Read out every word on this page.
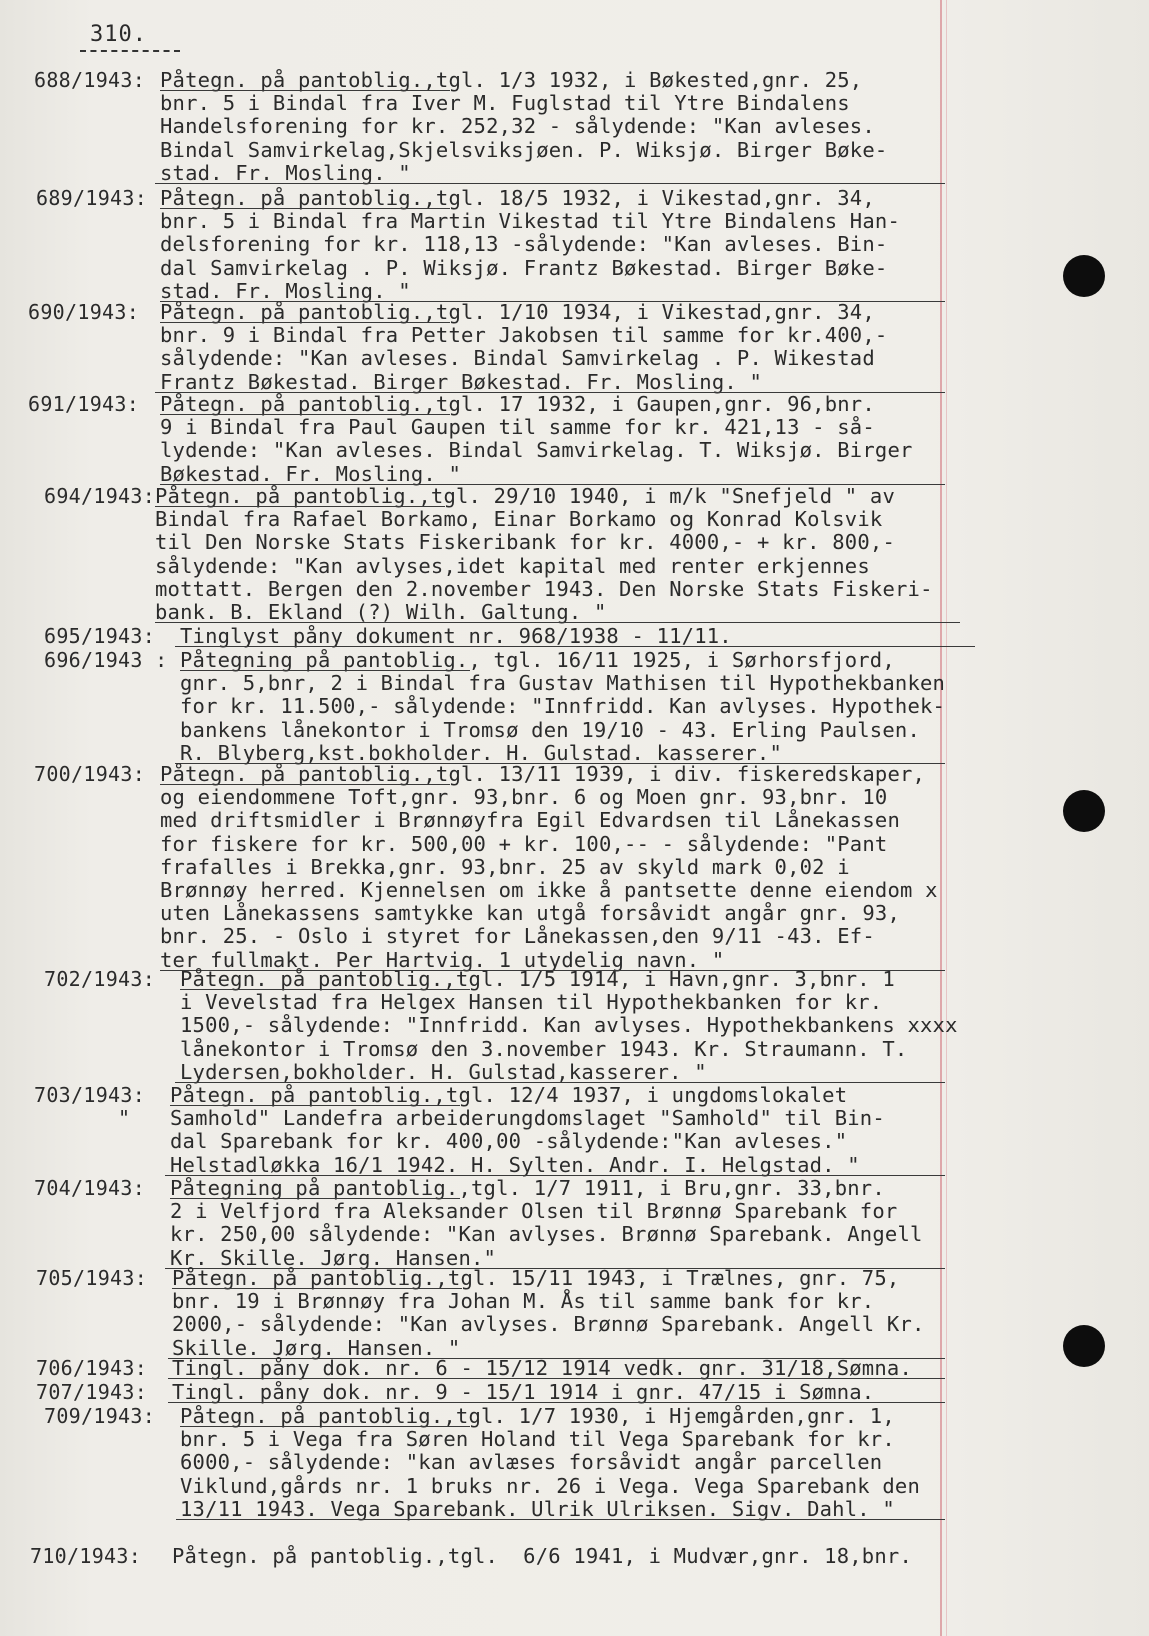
310.
688/1943: Påtegn. på pantoblig.,tgl. 1/3 1932, i Bøkested,gnr. 25,
bnr. 5 i Bindal fra Iver M. Fuglstad til Ytre Bindalens
Handelsforening for kr. 252,32 - sålydende: "Kan avleses.
Bindal Samvirkelag,Skjelsviksjøen. P. Wiksjø. Birger Bøke-
stad. Fr. Mosling. "
689/1943: Påtegn. på pantoblig.,tgl. 18/5 1932, i Vikestad,gnr. 34,
bnr. 5 i Bindal fra Martin Vikestad til Ytre Bindalens Han-
delsforening for kr. 118,13 -sålydende: "Kan avleses. Bin-
dal Samvirkelag . P. Wiksjø. Frantz Bøkestad. Birger Bøke-
stad. Fr. Mosling. "
690/1943: Påtegn. på pantoblig.,tgl. 1/10 1934, i Vikestad,gnr. 34,
bnr. 9 i Bindal fra Petter Jakobsen til samme for kr.400,-
sålydende: "Kan avleses. Bindal Samvirkelag . P. Wikestad
Frantz Bøkestad. Birger Bøkestad. Fr. Mosling. "
691/1943: Påtegn. på pantoblig.,tgl. 17 1932, i Gaupen,gnr. 96,bnr.
9 i Bindal fra Paul Gaupen til samme for kr. 421,13 - så-
lydende: "Kan avleses. Bindal Samvirkelag. T. Wiksjø. Birger
Bøkestad. Fr. Mosling. "
694/1943: Påtegn. på pantoblig.,tgl. 29/10 1940, i m/k "Snefjeld " av
Bindal fra Rafael Borkamo, Einar Borkamo og Konrad Kolsvik
til Den Norske Stats Fiskeribank for kr. 4000,- + kr. 800,-
sålydende: "Kan avlyses,idet kapital med renter erkjennes
mottatt. Bergen den 2.november 1943. Den Norske Stats Fiskeri-
bank. B. Ekland (?) Wilh. Galtung. "
695/1943: Tinglyst påny dokument nr. 968/1938 - 11/11.
696/1943 : Påtegning på pantoblig., tgl. 16/11 1925, i Sørhorsfjord,
gnr. 5,bnr, 2 i Bindal fra Gustav Mathisen til Hypothekbanken
for kr. 11.500,- sålydende: "Innfridd. Kan avlyses. Hypothek-
bankens lånekontor i Tromsø den 19/10 - 43. Erling Paulsen.
R. Blyberg,kst.bokholder. H. Gulstad. kasserer."
700/1943: Påtegn. på pantoblig.,tgl. 13/11 1939, i div. fiskeredskaper,
og eiendommene Toft,gnr. 93,bnr. 6 og Moen gnr. 93,bnr. 10
med driftsmidler i Brønnøyfra Egil Edvardsen til Lånekassen
for fiskere for kr. 500,00 + kr. 100,-- - sålydende: "Pant
frafalles i Brekka,gnr. 93,bnr. 25 av skyld mark 0,02 i
Brønnøy herred. Kjennelsen om ikke å pantsette denne eiendom x
uten Lånekassens samtykke kan utgå forsåvidt angår gnr. 93,
bnr. 25. - Oslo i styret for Lånekassen,den 9/11 -43. Ef-
ter fullmakt. Per Hartvig. 1 utydelig navn. "
702/1943: Påtegn. på pantoblig.,tgl. 1/5 1914, i Havn,gnr. 3,bnr. 1
i Vevelstad fra Helgex Hansen til Hypothekbanken for kr.
1500,- sålydende: "Innfridd. Kan avlyses. Hypothekbankens xxxx
lånekontor i Tromsø den 3.november 1943. Kr. Straumann. T.
Lydersen,bokholder. H. Gulstad,kasserer. "
703/1943:
"
Påtegn. på pantoblig.,tgl. 12/4 1937, i ungdomslokalet
Samhold" Landefra arbeiderungdomslaget "Samhold" til Bin-
dal Sparebank for kr. 400,00 -sålydende:"Kan avleses."
Helstadløkka 16/1 1942. H. Sylten. Andr. I. Helgstad. "
704/1943: Påtegning på pantoblig.,tgl. 1/7 1911, i Bru,gnr. 33,bnr.
2 i Velfjord fra Aleksander Olsen til Brønnø Sparebank for
kr. 250,00 sålydende: "Kan avlyses. Brønnø Sparebank. Angell
Kr. Skille. Jørg. Hansen."
705/1943: Påtegn. på pantoblig.,tgl. 15/11 1943, i Trælnes, gnr. 75,
bnr. 19 i Brønnøy fra Johan M. Ås til samme bank for kr.
2000,- sålydende: "Kan avlyses. Brønnø Sparebank. Angell Kr.
Skille. Jørg. Hansen. "
706/1943: Tingl. påny dok. nr. 6 - 15/12 1914 vedk. gnr. 31/18,Sømna.
707/1943: Tingl. påny dok. nr. 9 - 15/1 1914 i gnr. 47/15 i Sømna.
709/1943: Påtegn. på pantoblig.,tgl. 1/7 1930, i Hjemgården,gnr. 1,
bnr. 5 i Vega fra Søren Holand til Vega Sparebank for kr.
6000,- sålydende: "kan avlæses forsåvidt angår parcellen
Viklund,gårds nr. 1 bruks nr. 26 i Vega. Vega Sparebank den
13/11 1943. Vega Sparebank. Ulrik Ulriksen. Sigv. Dahl. "
710/1943: Påtegn. på pantoblig.,tgl.  6/6 1941, i Mudvær,gnr. 18,bnr.
